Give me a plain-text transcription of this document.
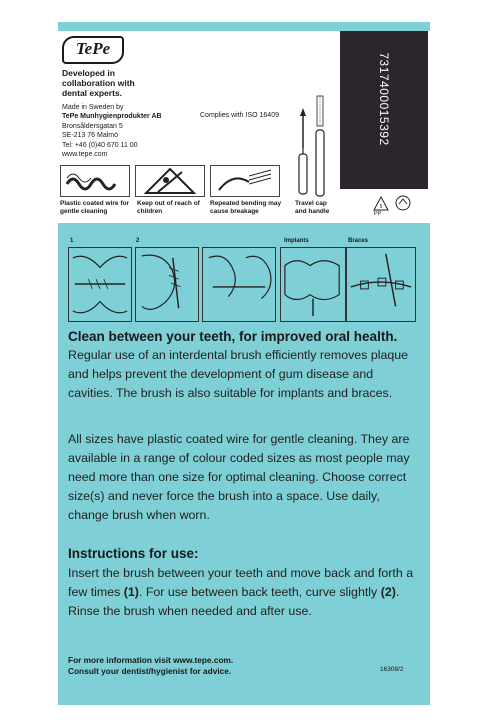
TePe
Developed in
collaboration with
dental experts.
Made in Sweden by
TePe Munhygienprodukter AB
Bronsåldersgatan 5
SE-213 76 Malmö
Tel: +46 (0)40 670 11 00
www.tepe.com
Complies with ISO 16409	7317400015392
Plastic coated wire for gentle cleaning
Keep out of reach of children
Repeated bending may cause breakage
Travel cap and handle
5
PP
1	2	Implants	Braces
Clean between your teeth, for improved oral health.
Regular use of an interdental brush efficiently removes plaque and helps prevent the development of gum disease and cavities. The brush is also suitable for implants and braces.
All sizes have plastic coated wire for gentle cleaning. They are available in a range of colour coded sizes as most people may need more than one size for optimal cleaning. Choose correct size(s) and never force the brush into a space. Use daily, change brush when worn.
Instructions for use:
Insert the brush between your teeth and move back and forth a few times (1). For use between back teeth, curve slightly (2). Rinse the brush when needed and after use.
For more information visit www.tepe.com.
Consult your dentist/hygienist for advice.	16308/2
